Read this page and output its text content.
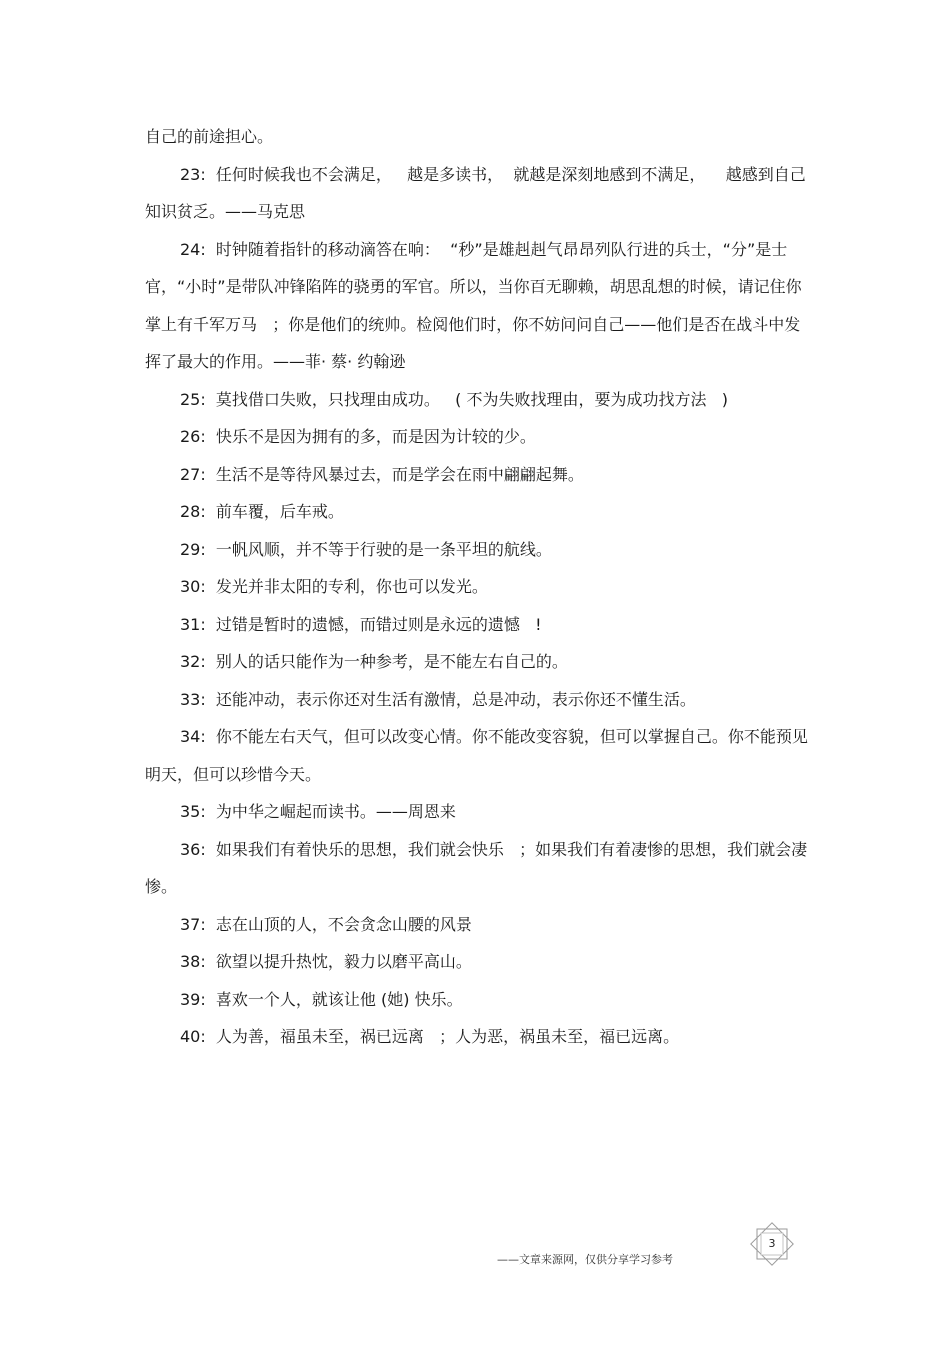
自己的前途担心。

23:  任何时候我也不会满足，   越是多读书，  就越是深刻地感到不满足，    越感到自己知识贫乏。——马克思

24:  时钟随着指针的移动滴答在响：  “秒”是雄赳赳气昂昂列队行进的兵士，“分”是士官，“小时”是带队冲锋陷阵的骁勇的军官。所以，当你百无聊赖，胡思乱想的时候，请记住你掌上有千军万马   ；你是他们的统帅。检阅他们时，你不妨问问自己——他们是否在战斗中发挥了最大的作用。——菲· 蔡· 约翰逊

25:  莫找借口失败，只找理由成功。   ( 不为失败找理由，要为成功找方法   )

26:  快乐不是因为拥有的多，而是因为计较的少。

27:  生活不是等待风暴过去，而是学会在雨中翩翩起舞。

28:  前车覆，后车戒。

29:  一帆风顺，并不等于行驶的是一条平坦的航线。

30:  发光并非太阳的专利，你也可以发光。

31:  过错是暂时的遗憾，而错过则是永远的遗憾   !

32:  别人的话只能作为一种参考，是不能左右自己的。

33:  还能冲动，表示你还对生活有激情，总是冲动，表示你还不懂生活。

34:  你不能左右天气，但可以改变心情。你不能改变容貌，但可以掌握自己。你不能预见明天，但可以珍惜今天。

35:  为中华之崛起而读书。——周恩来

36:  如果我们有着快乐的思想，我们就会快乐   ；如果我们有着凄惨的思想，我们就会凄惨。

37:  志在山顶的人，不会贪念山腰的风景

38:  欲望以提升热忱，毅力以磨平高山。

39:  喜欢一个人，就该让他 (她) 快乐。

40:  人为善，福虽未至，祸已远离   ；人为恶，祸虽未至，福已远离。

——文章来源网，仅供分享学习参考
3
